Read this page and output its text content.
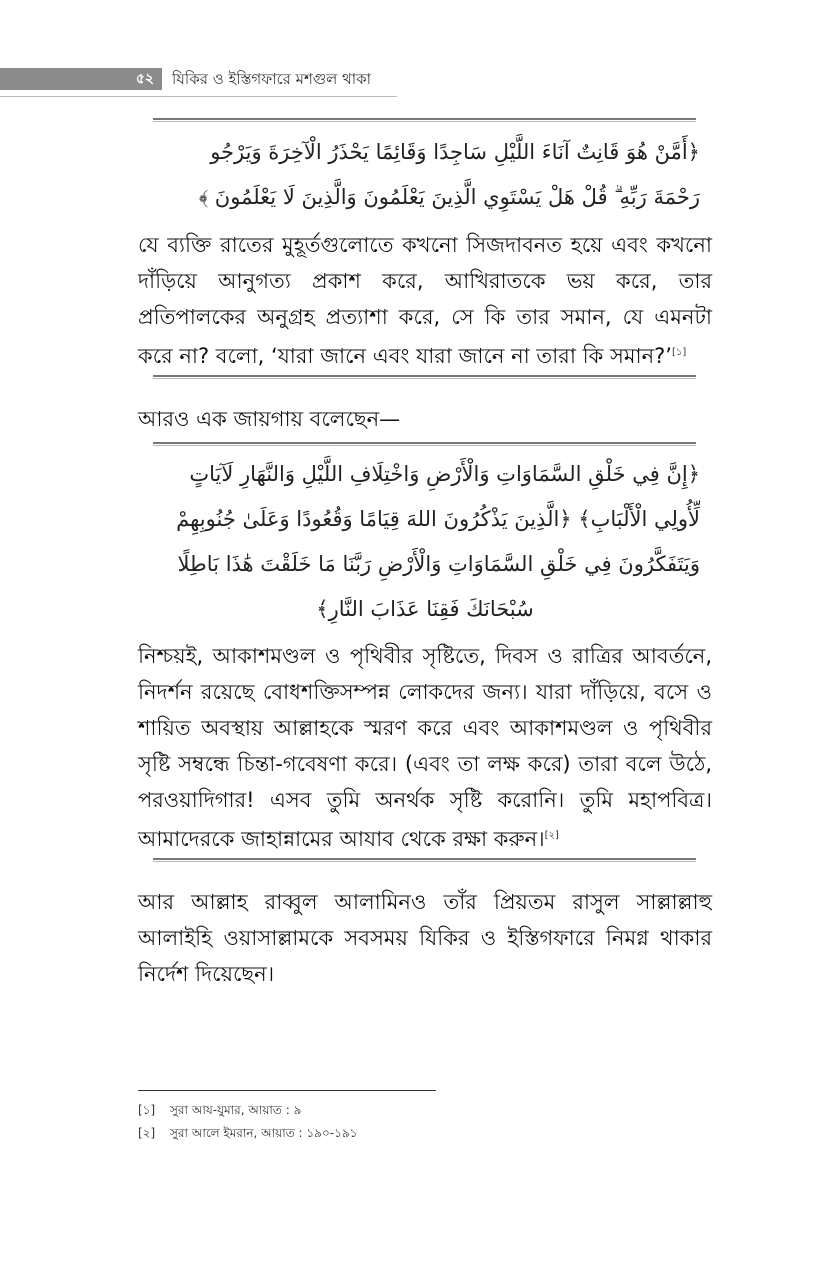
৫২	যিকির ও ইস্তিগফারে মশগুল থাকা

﴿أَمَّنْ هُوَ قَانِتٌ آنَاءَ اللَّيْلِ سَاجِدًا وَقَائِمًا يَحْذَرُ الْآخِرَةَ وَيَرْجُو

رَحْمَةَ رَبِّهِ ۗ قُلْ هَلْ يَسْتَوِي الَّذِينَ يَعْلَمُونَ وَالَّذِينَ لَا يَعْلَمُونَ ﴾

যে ব্যক্তি রাতের মুহূর্তগুলোতে কখনো সিজদাবনত হয়ে এবং কখনো দাঁড়িয়ে আনুগত্য প্রকাশ করে, আখিরাতকে ভয় করে, তার প্রতিপালকের অনুগ্রহ প্রত্যাশা করে, সে কি তার সমান, যে এমনটা করে না? বলো, ‘যারা জানে এবং যারা জানে না তারা কি সমান?’[১]

আরও এক জায়গায় বলেছেন—

﴿إِنَّ فِي خَلْقِ السَّمَاوَاتِ وَالْأَرْضِ وَاخْتِلَافِ اللَّيْلِ وَالنَّهَارِ لَآيَاتٍ

لِّأُولِي الْأَلْبَابِ﴾ ﴿الَّذِينَ يَذْكُرُونَ اللهَ قِيَامًا وَقُعُودًا وَعَلَىٰ جُنُوبِهِمْ

وَيَتَفَكَّرُونَ فِي خَلْقِ السَّمَاوَاتِ وَالْأَرْضِ رَبَّنَا مَا خَلَقْتَ هَٰذَا بَاطِلًا

سُبْحَانَكَ فَقِنَا عَذَابَ النَّارِ﴾

নিশ্চয়ই, আকাশমণ্ডল ও পৃথিবীর সৃষ্টিতে, দিবস ও রাত্রির আবর্তনে, নিদর্শন রয়েছে বোধশক্তিসম্পন্ন লোকদের জন্য। যারা দাঁড়িয়ে, বসে ও শায়িত অবস্থায় আল্লাহকে স্মরণ করে এবং আকাশমণ্ডল ও পৃথিবীর সৃষ্টি সম্বন্ধে চিন্তা-গবেষণা করে। (এবং তা লক্ষ করে) তারা বলে উঠে, পরওয়াদিগার! এসব তুমি অনর্থক সৃষ্টি করোনি। তুমি মহাপবিত্র। আমাদেরকে জাহান্নামের আযাব থেকে রক্ষা করুন।[২]

আর আল্লাহ রাব্বুল আলামিনও তাঁর প্রিয়তম রাসুল সাল্লাল্লাহু আলাইহি ওয়াসাল্লামকে সবসময় যিকির ও ইস্তিগফারে নিমগ্ন থাকার নির্দেশ দিয়েছেন।

[১] সুরা আয-যুমার, আয়াত : ৯
[২] সুরা আলে ইমরান, আয়াত : ১৯০-১৯১
